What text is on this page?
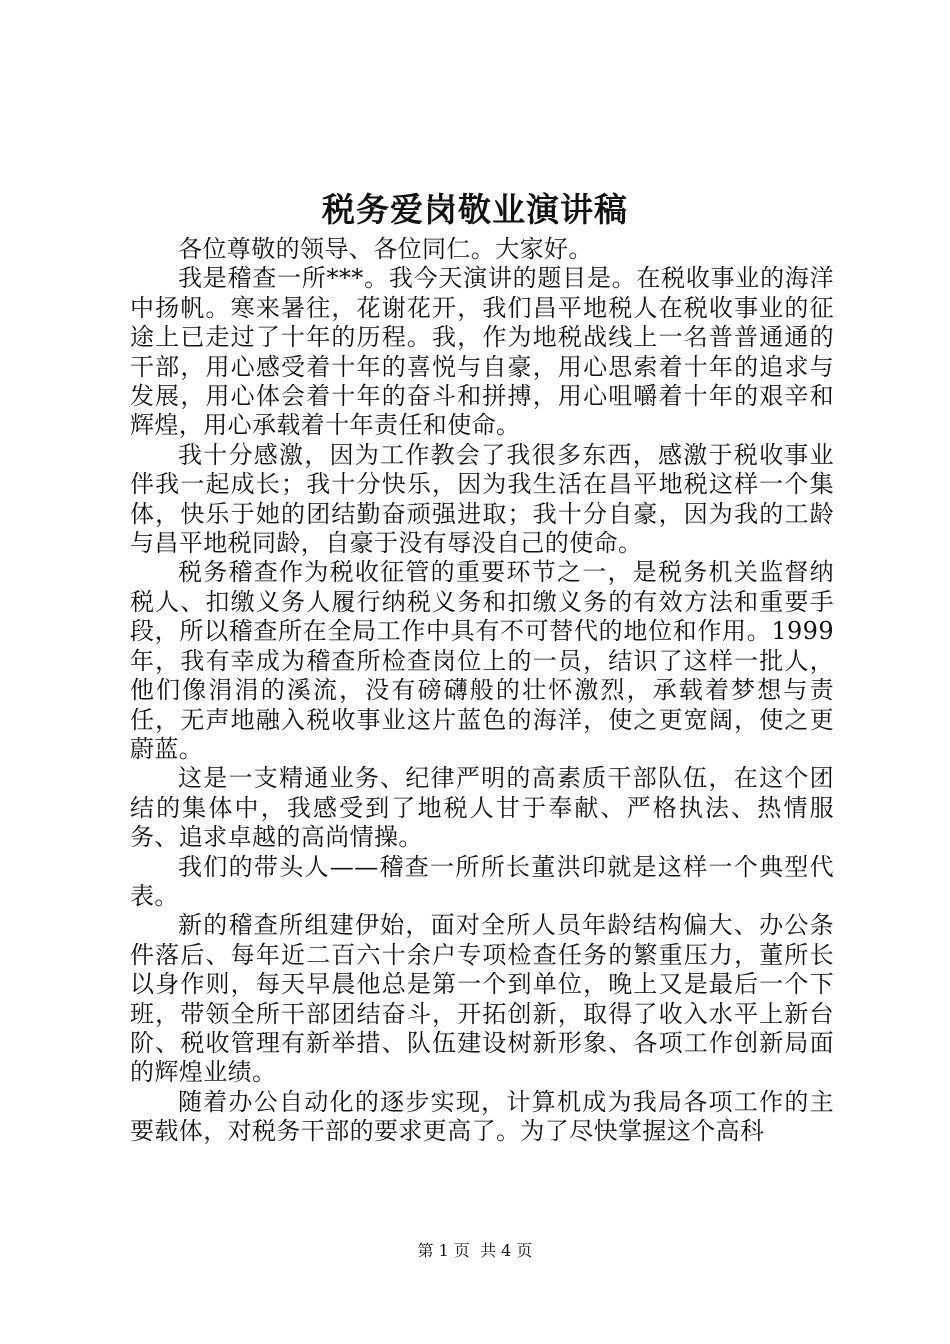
税务爱岗敬业演讲稿

各位尊敬的领导、各位同仁。大家好。

我是稽查一所***。我今天演讲的题目是。在税收事业的海洋中扬帆。寒来暑往，花谢花开，我们昌平地税人在税收事业的征途上已走过了十年的历程。我，作为地税战线上一名普普通通的干部，用心感受着十年的喜悦与自豪，用心思索着十年的追求与发展，用心体会着十年的奋斗和拼搏，用心咀嚼着十年的艰辛和辉煌，用心承载着十年责任和使命。

我十分感激，因为工作教会了我很多东西，感激于税收事业伴我一起成长；我十分快乐，因为我生活在昌平地税这样一个集体，快乐于她的团结勤奋顽强进取；我十分自豪，因为我的工龄与昌平地税同龄，自豪于没有辱没自己的使命。

税务稽查作为税收征管的重要环节之一，是税务机关监督纳税人、扣缴义务人履行纳税义务和扣缴义务的有效方法和重要手段，所以稽查所在全局工作中具有不可替代的地位和作用。1999年，我有幸成为稽查所检查岗位上的一员，结识了这样一批人，他们像涓涓的溪流，没有磅礴般的壮怀激烈，承载着梦想与责任，无声地融入税收事业这片蓝色的海洋，使之更宽阔，使之更蔚蓝。

这是一支精通业务、纪律严明的高素质干部队伍，在这个团结的集体中，我感受到了地税人甘于奉献、严格执法、热情服务、追求卓越的高尚情操。

我们的带头人——稽查一所所长董洪印就是这样一个典型代表。

新的稽查所组建伊始，面对全所人员年龄结构偏大、办公条件落后、每年近二百六十余户专项检查任务的繁重压力，董所长以身作则，每天早晨他总是第一个到单位，晚上又是最后一个下班，带领全所干部团结奋斗，开拓创新，取得了收入水平上新台阶、税收管理有新举措、队伍建设树新形象、各项工作创新局面的辉煌业绩。

随着办公自动化的逐步实现，计算机成为我局各项工作的主要载体，对税务干部的要求更高了。为了尽快掌握这个高科

第 1 页 共 4 页
